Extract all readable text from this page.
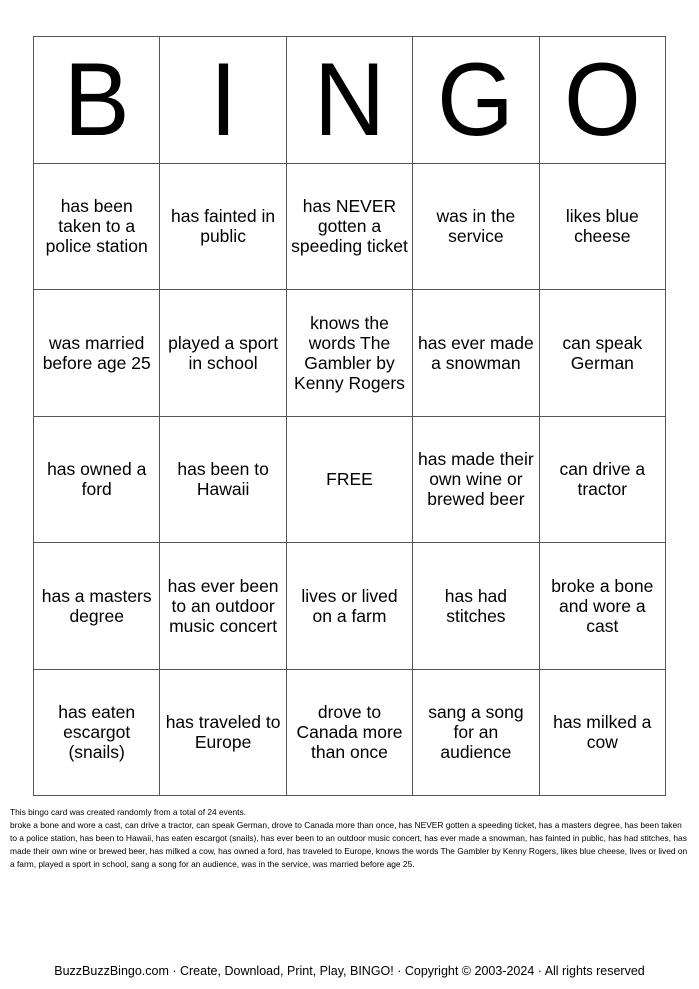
B I N G O
has been taken to a police station
has fainted in public
has NEVER gotten a speeding ticket
was in the service
likes blue cheese
was married before age 25
played a sport in school
knows the words The Gambler by Kenny Rogers
has ever made a snowman
can speak German
has owned a ford
has been to Hawaii	FREE
has made their own wine or brewed beer
can drive a tractor
has a masters degree
has ever been to an outdoor music concert
lives or lived on a farm
has had stitches
broke a bone and wore a cast
has eaten escargot (snails)
has traveled to Europe
drove to Canada more than once
sang a song for an audience
has milked a cow

This bingo card was created randomly from a total of 24 events.

broke a bone and wore a cast, can drive a tractor, can speak German, drove to Canada more than once, has NEVER gotten a speeding ticket, has a masters degree, has been taken to a police station, has been to Hawaii, has eaten escargot (snails), has ever been to an outdoor music concert, has ever made a snowman, has fainted in public, has had stitches, has made their own wine or brewed beer, has milked a cow, has owned a ford, has traveled to Europe, knows the words The Gambler by Kenny Rogers, likes blue cheese, lives or lived on a farm, played a sport in school, sang a song for an audience, was in the service, was married before age 25.

BuzzBuzzBingo.com · Create, Download, Print, Play, BINGO! · Copyright © 2003-2024 · All rights reserved
